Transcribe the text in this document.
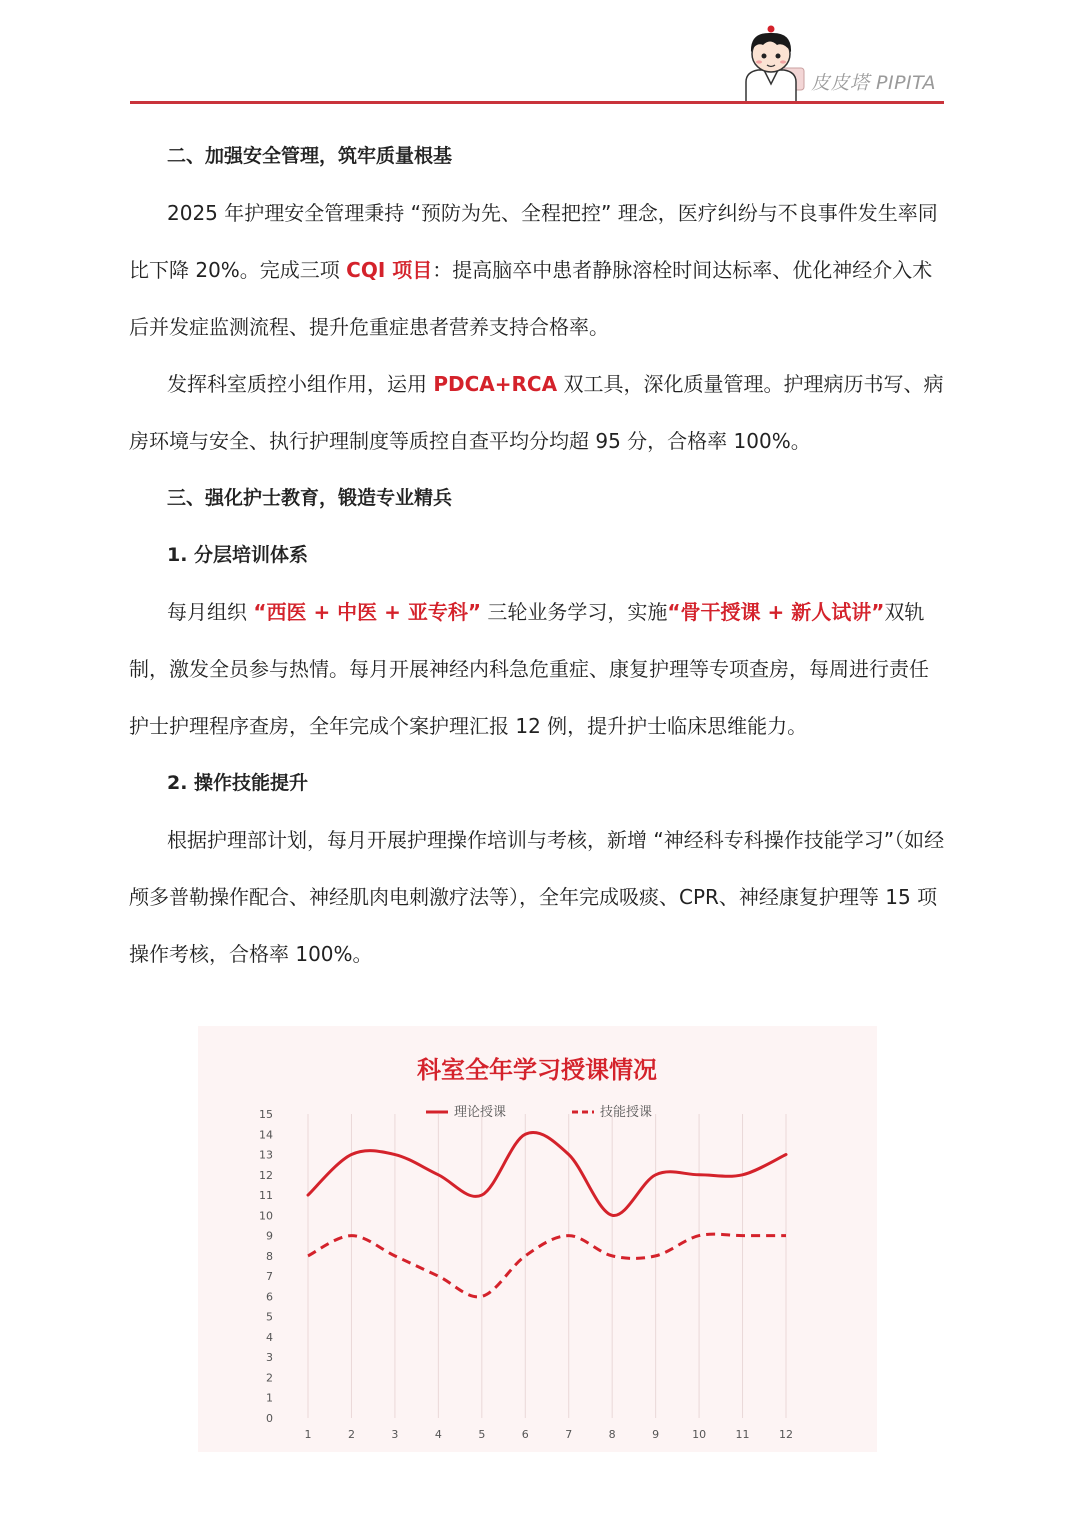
皮皮塔 PIPITA

二、加强安全管理，筑牢质量根基

2025 年护理安全管理秉持 “预防为先、全程把控” 理念，医疗纠纷与不良事件发生率同比下降 20%。完成三项 CQI 项目：提高脑卒中患者静脉溶栓时间达标率、优化神经介入术后并发症监测流程、提升危重症患者营养支持合格率。

发挥科室质控小组作用，运用 PDCA+RCA 双工具，深化质量管理。护理病历书写、病房环境与安全、执行护理制度等质控自查平均分均超 95 分，合格率 100%。

三、强化护士教育，锻造专业精兵

1. 分层培训体系

每月组织 “西医 + 中医 + 亚专科” 三轮业务学习，实施“骨干授课 + 新人试讲”双轨制，激发全员参与热情。每月开展神经内科急危重症、康复护理等专项查房，每周进行责任护士护理程序查房，全年完成个案护理汇报 12 例，提升护士临床思维能力。

2. 操作技能提升

根据护理部计划，每月开展护理操作培训与考核，新增 “神经科专科操作技能学习”（如经颅多普勒操作配合、神经肌肉电刺激疗法等），全年完成吸痰、CPR、神经康复护理等 15 项操作考核，合格率 100%。

科室全年学习授课情况
理论授课	技能授课
0
1
2
3
4
5
6
7
8
9
10
11
12
13
14
15
1	2	3	4	5	6	7	8	9	10	11	12
